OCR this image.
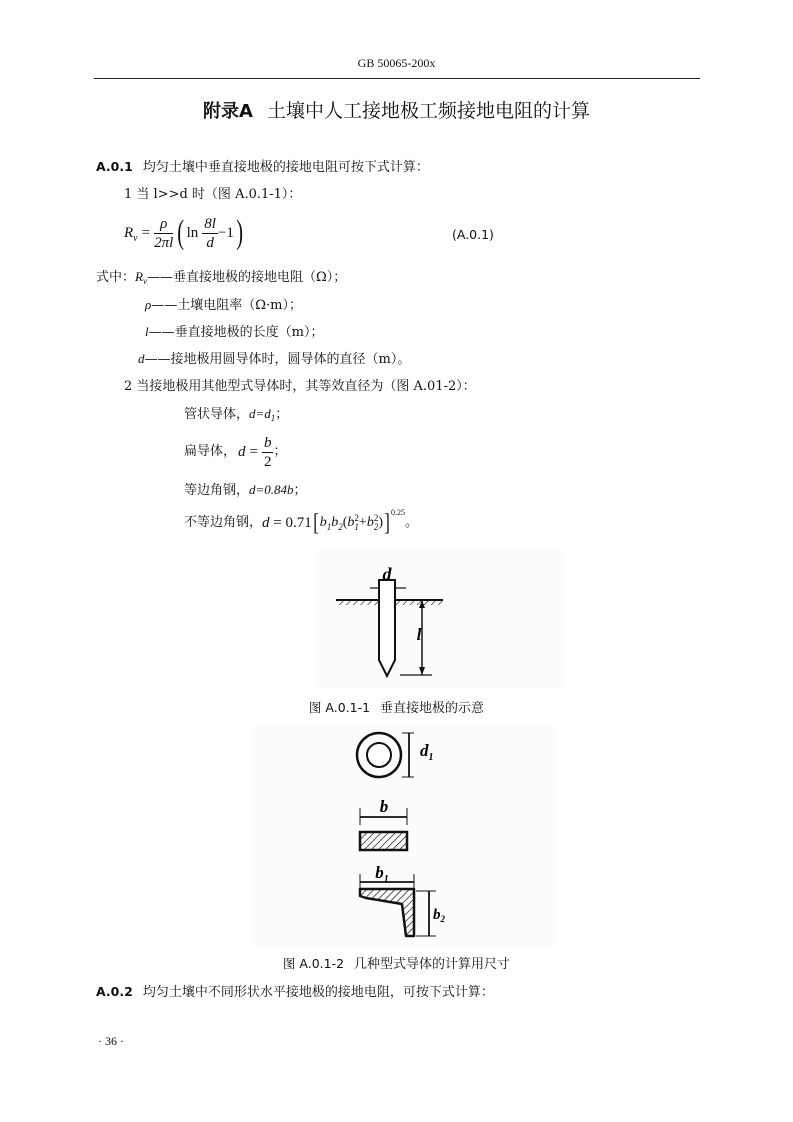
GB 50065-200x
附录A 土壤中人工接地极工频接地电阻的计算
A.0.1 均匀土壤中垂直接地极的接地电阻可按下式计算：
1 当 l>>d 时（图 A.0.1-1）：
R $v = \frac{\rho}{2\pi l}$ ( $\ln \frac{8l}{d} -1$ )	(A.0.1)
式中：$R_v——$垂直接地极的接地电阻（Ω）；
ρ——土壤电阻率（Ω·m）；
l——垂直接地极的长度（m）；
d——接地极用圆导体时，圆导体的直径（m）。
2 当接地极用其他型式导体时，其等效直径为（图 A.01-2）：
管状导体，$d=d_1$；
扁导体， $d = \frac{b}{2}$ ；
等边角钢，d=0.84b；
不等边角钢， d = 0.71 [ b 1 b 2 ( b 2
1 + b 2
2 ) ] 0.25
。
d
l
图 A.0.1-1 垂直接地极的示意
$d_1$
b
$b_1$
$b_2$
图 A.0.1-2 几种型式导体的计算用尺寸
A.0.2 均匀土壤中不同形状水平接地极的接地电阻，可按下式计算：
· 36 ·
